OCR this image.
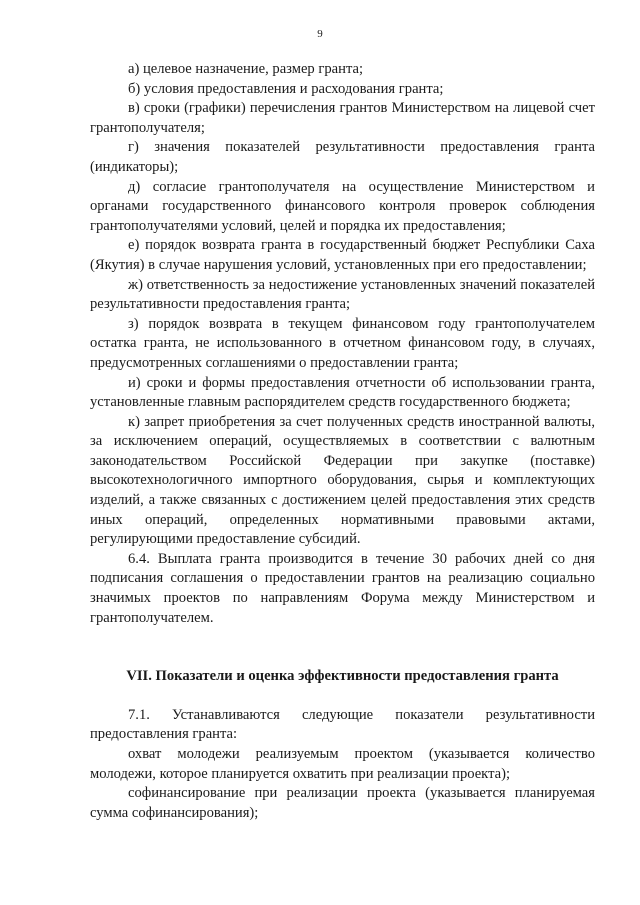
9

а) целевое назначение, размер гранта;

б) условия предоставления и расходования гранта;

в) сроки (графики) перечисления грантов Министерством на лицевой счет грантополучателя;

г) значения показателей результативности предоставления гранта (индикаторы);

д) согласие грантополучателя на осуществление Министерством и органами государственного финансового контроля проверок соблюдения грантополучателями условий, целей и порядка их предоставления;

е) порядок возврата гранта в государственный бюджет Республики Саха (Якутия) в случае нарушения условий, установленных при его предоставлении;

ж) ответственность за недостижение установленных значений показателей результативности предоставления гранта;

з) порядок возврата в текущем финансовом году грантополучателем остатка гранта, не использованного в отчетном финансовом году, в случаях, предусмотренных соглашениями о предоставлении гранта;

и) сроки и формы предоставления отчетности об использовании гранта, установленные главным распорядителем средств государственного бюджета;

к) запрет приобретения за счет полученных средств иностранной валюты, за исключением операций, осуществляемых в соответствии с валютным законодательством Российской Федерации при закупке (поставке) высокотехнологичного импортного оборудования, сырья и комплектующих изделий, а также связанных с достижением целей предоставления этих средств иных операций, определенных нормативными правовыми актами, регулирующими предоставление субсидий.

6.4. Выплата гранта производится в течение 30 рабочих дней со дня подписания соглашения о предоставлении грантов на реализацию социально значимых проектов по направлениям Форума между Министерством и грантополучателем.

VII. Показатели и оценка эффективности предоставления гранта

7.1. Устанавливаются следующие показатели результативности предоставления гранта:

охват молодежи реализуемым проектом (указывается количество молодежи, которое планируется охватить при реализации проекта);

софинансирование при реализации проекта (указывается планируемая сумма софинансирования);
